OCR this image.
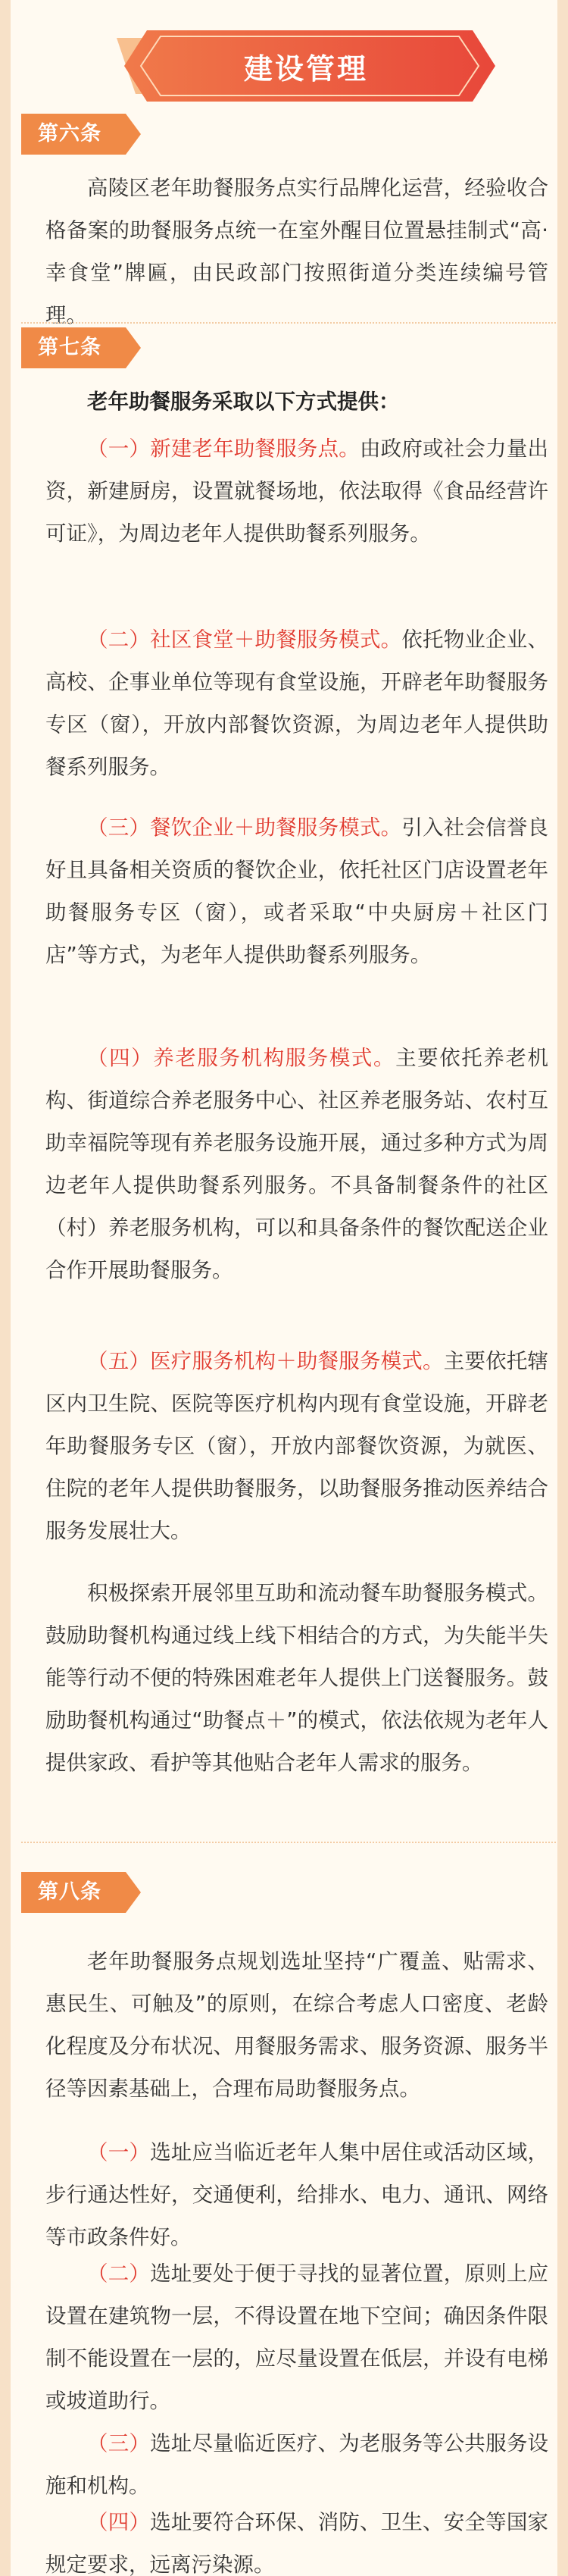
建设管理
第六条

高陵区老年助餐服务点实行品牌化运营，经验收合格备案的助餐服务点统一在室外醒目位置悬挂制式“高·幸食堂”牌匾，由民政部门按照街道分类连续编号管理。

第七条

老年助餐服务采取以下方式提供：

（一）新建老年助餐服务点。由政府或社会力量出资，新建厨房，设置就餐场地，依法取得《食品经营许可证》，为周边老年人提供助餐系列服务。

（二）社区食堂＋助餐服务模式。依托物业企业、高校、企事业单位等现有食堂设施，开辟老年助餐服务专区（窗），开放内部餐饮资源，为周边老年人提供助餐系列服务。

（三）餐饮企业＋助餐服务模式。引入社会信誉良好且具备相关资质的餐饮企业，依托社区门店设置老年助餐服务专区（窗），或者采取“中央厨房＋社区门店”等方式，为老年人提供助餐系列服务。

（四）养老服务机构服务模式。主要依托养老机构、街道综合养老服务中心、社区养老服务站、农村互助幸福院等现有养老服务设施开展，通过多种方式为周边老年人提供助餐系列服务。不具备制餐条件的社区（村）养老服务机构，可以和具备条件的餐饮配送企业合作开展助餐服务。

（五）医疗服务机构＋助餐服务模式。主要依托辖区内卫生院、医院等医疗机构内现有食堂设施，开辟老年助餐服务专区（窗），开放内部餐饮资源，为就医、住院的老年人提供助餐服务，以助餐服务推动医养结合服务发展壮大。

积极探索开展邻里互助和流动餐车助餐服务模式。鼓励助餐机构通过线上线下相结合的方式，为失能半失能等行动不便的特殊困难老年人提供上门送餐服务。鼓励助餐机构通过“助餐点＋”的模式，依法依规为老年人提供家政、看护等其他贴合老年人需求的服务。

第八条

老年助餐服务点规划选址坚持“广覆盖、贴需求、惠民生、可触及”的原则，在综合考虑人口密度、老龄化程度及分布状况、用餐服务需求、服务资源、服务半径等因素基础上，合理布局助餐服务点。

（一）选址应当临近老年人集中居住或活动区域，步行通达性好，交通便利，给排水、电力、通讯、网络等市政条件好。

（二）选址要处于便于寻找的显著位置，原则上应设置在建筑物一层，不得设置在地下空间；确因条件限制不能设置在一层的，应尽量设置在低层，并设有电梯或坡道助行。

（三）选址尽量临近医疗、为老服务等公共服务设施和机构。

（四）选址要符合环保、消防、卫生、安全等国家规定要求，远离污染源。
